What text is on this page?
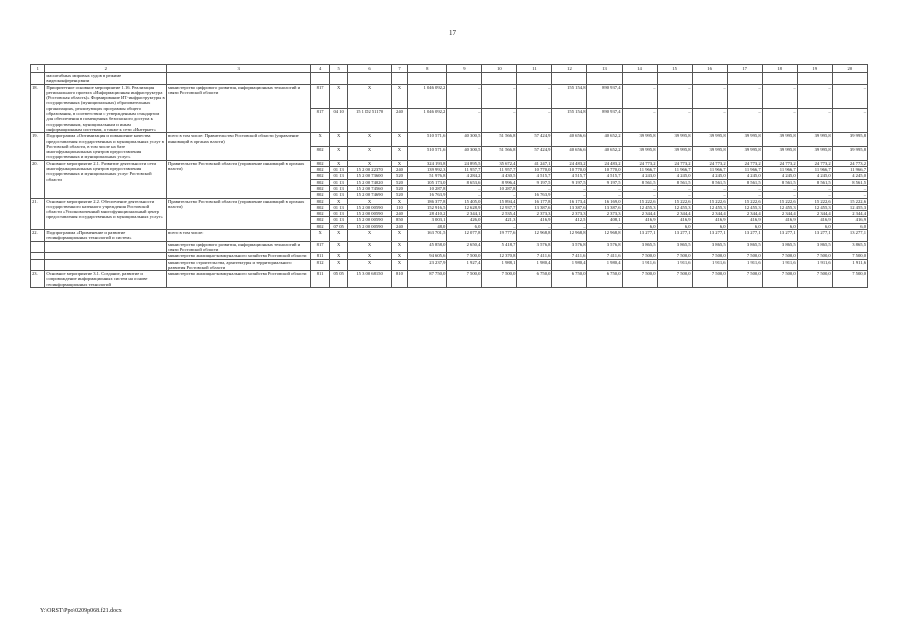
17
1	2	3	4	5	6	7	8	9	10	11	12	13	14	15	16	17	18	19	20
	масштабных мировых судов в режиме видеоконференцсвязи																		
18.	Приоритетное основное мероприятие 1.16. Реализация регионального проекта «Информационная инфраструктура (Ростовская область)» Формирование ИТ-инфраструктуры в государственных (муниципальных) образовательных организациях, реализующих программы общего образования, в соответствии с утвержденным стандартом для обеспечения в помещениях безопасного доступа к государственным, муниципальным и иным информационным системам, а также к сети «Интернет»	министерство цифрового развития, информационных технологий и связи Ростовской области	817	X	X	X	1 046 092,2	–	–	–	155 154,8	890 937,4	–	–	–	–	–	–	–
			817	04 10	15 1 D2 51170	240	1 046 092,2	–	–	–	155 154,8	890 937,4	–	–	–	–	–	–	–
19.	Подпрограмма «Оптимизация и повышение качества предоставления государственных и муниципальных услуг в Ростовской области, в том числе на базе многофункциональных центров предоставления государственных и муниципальных услуг»	всего в том числе: Правительство Ростовской области (управление инноваций в органах власти)	X	X	X	X	510 571,6	40 300,5	51 566,8	57 424,9	40 656,6	40 652,2	39 995,8	39 995,8	39 995,8	39 995,8	39 995,8	39 995,8	39 995,8
			802	X	X	X	510 571,6	40 300,5	51 566,8	57 424,9	40 656,6	40 652,2	39 995,8	39 995,8	39 995,8	39 995,8	39 995,8	39 995,8	39 995,8
20.	Основное мероприятие 2.1. Развитие деятельности сети многофункциональных центров предоставления государственных и муниципальных услуг Ростовской области	Правительство Ростовской области (управление инноваций в органах власти)	802	X	X	X	324 193,8	24 895,5	35 672,4	41 247,1	24 483,2	24 483,2	24 773,2	24 773,2	24 773,2	24 773,2	24 773,2	24 773,2	24 773,2
			802	01 13	15 2 00 22370	240	139 992,3	11 957,7	11 957,7	10 770,0	10 770,0	10 770,0	11 966,7	11 966,7	11 966,7	11 966,7	11 966,7	11 966,7	11 966,7
			802	01 13	15 2 00 73600	520	51 976,8	4 284,2	4 430,5	4 515,7	4 515,7	4 515,7	4 243,0	4 245,0	4 245,0	4 245,0	4 245,0	4 245,0	4 245,0
			802	01 13	15 2 00 74020	520	105 173,0	8 653,6	8 996,4	9 197,5	9 197,5	9 197,5	8 561,5	8 561,5	8 561,5	8 561,5	8 561,5	8 561,5	8 561,5
			802	01 13	15 2 00 74560	520	10 287,8	–	10 287,8	–	–	–	–	–	–	–	–	–	–
			802	01 13	15 2 00 74690	520	16 763,9	–	–	16 763,9	–	–	–	–	–	–	–	–	–
21.	Основное мероприятие 2.2. Обеспечение деятельности государственного казенного учреждения Ростовской области «Уполномоченный многофункциональный центр предоставления государственных и муниципальных услуг»	Правительство Ростовской области (управление инноваций в органах власти)	802	X	X	X	186 377,8	15 405,0	15 894,4	16 177,8	16 173,4	16 169,0	15 222,6	15 222,6	15 222,6	15 222,6	15 222,6	15 222,6	15 222,6
			802	01 13	15 2 00 00590	110	152 916,5	12 628,9	12 937,7	13 387,6	13 387,6	13 387,6	12 455,3	12 455,3	12 455,3	12 455,3	12 455,3	12 455,3	12 455,3
			802	01 13	15 2 00 00590	240	28 410,2	2 344,1	2 535,4	2 373,3	2 373,3	2 373,3	2 344,4	2 344,4	2 344,4	2 344,4	2 344,4	2 344,4	2 344,4
			802	01 13	15 2 00 00590	850	3 003,1	426,0	421,3	416,9	412,5	408,1	416,9	416,9	416,9	416,9	416,9	416,9	416,9
			802	07 05	15 2 00 00590	240	48,0	6,0	–	–	–	–	6,0	6,0	6,0	6,0	6,0	6,0	6,0
22.	Подпрограмма «Применение и развитие геоинформационных технологий и систем»	всего в том числе:	X	X	X	X	163 701,5	12 077,8	19 777,6	12 968,8	12 968,8	12 968,8	13 277,1	13 277,1	13 277,1	13 277,1	13 277,1	13 277,1	13 277,1
		министерство цифрового развития, информационных технологий и связи Ростовской области	817	X	X	X	45 858,0	2 650,4	5 418,7	3 576,8	3 576,8	3 576,8	3 865,5	3 865,5	3 865,5	3 865,5	3 865,5	3 865,5	3 865,5
		министерство жилищно-коммунального хозяйства Ростовской области	811	X	X	X	94 605,6	7 500,0	12 370,8	7 411,6	7 411,6	7 411,6	7 500,0	7 500,0	7 500,0	7 500,0	7 500,0	7 500,0	7 500,0
		министерство строительства, архитектуры и территориального развития Ростовской области	812	X	X	X	23 237,9	1 927,4	1 988,1	1 980,4	1 980,4	1 980,4	1 911,6	1 911,6	1 911,6	1 911,6	1 911,6	1 911,6	1 911,6
23.	Основное мероприятие 3.1. Создание, развитие и сопровождение информационных систем на основе геоинформационных технологий	министерство жилищно-коммунального хозяйства Ростовской области	811	05 05	15 3 00 68150	810	87 750,0	7 500,0	7 500,0	6 750,0	6 750,0	6 750,0	7 500,0	7 500,0	7 500,0	7 500,0	7 500,0	7 500,0	7 500,0
Y:\ORST\Ppo\0209p068.f21.docx
